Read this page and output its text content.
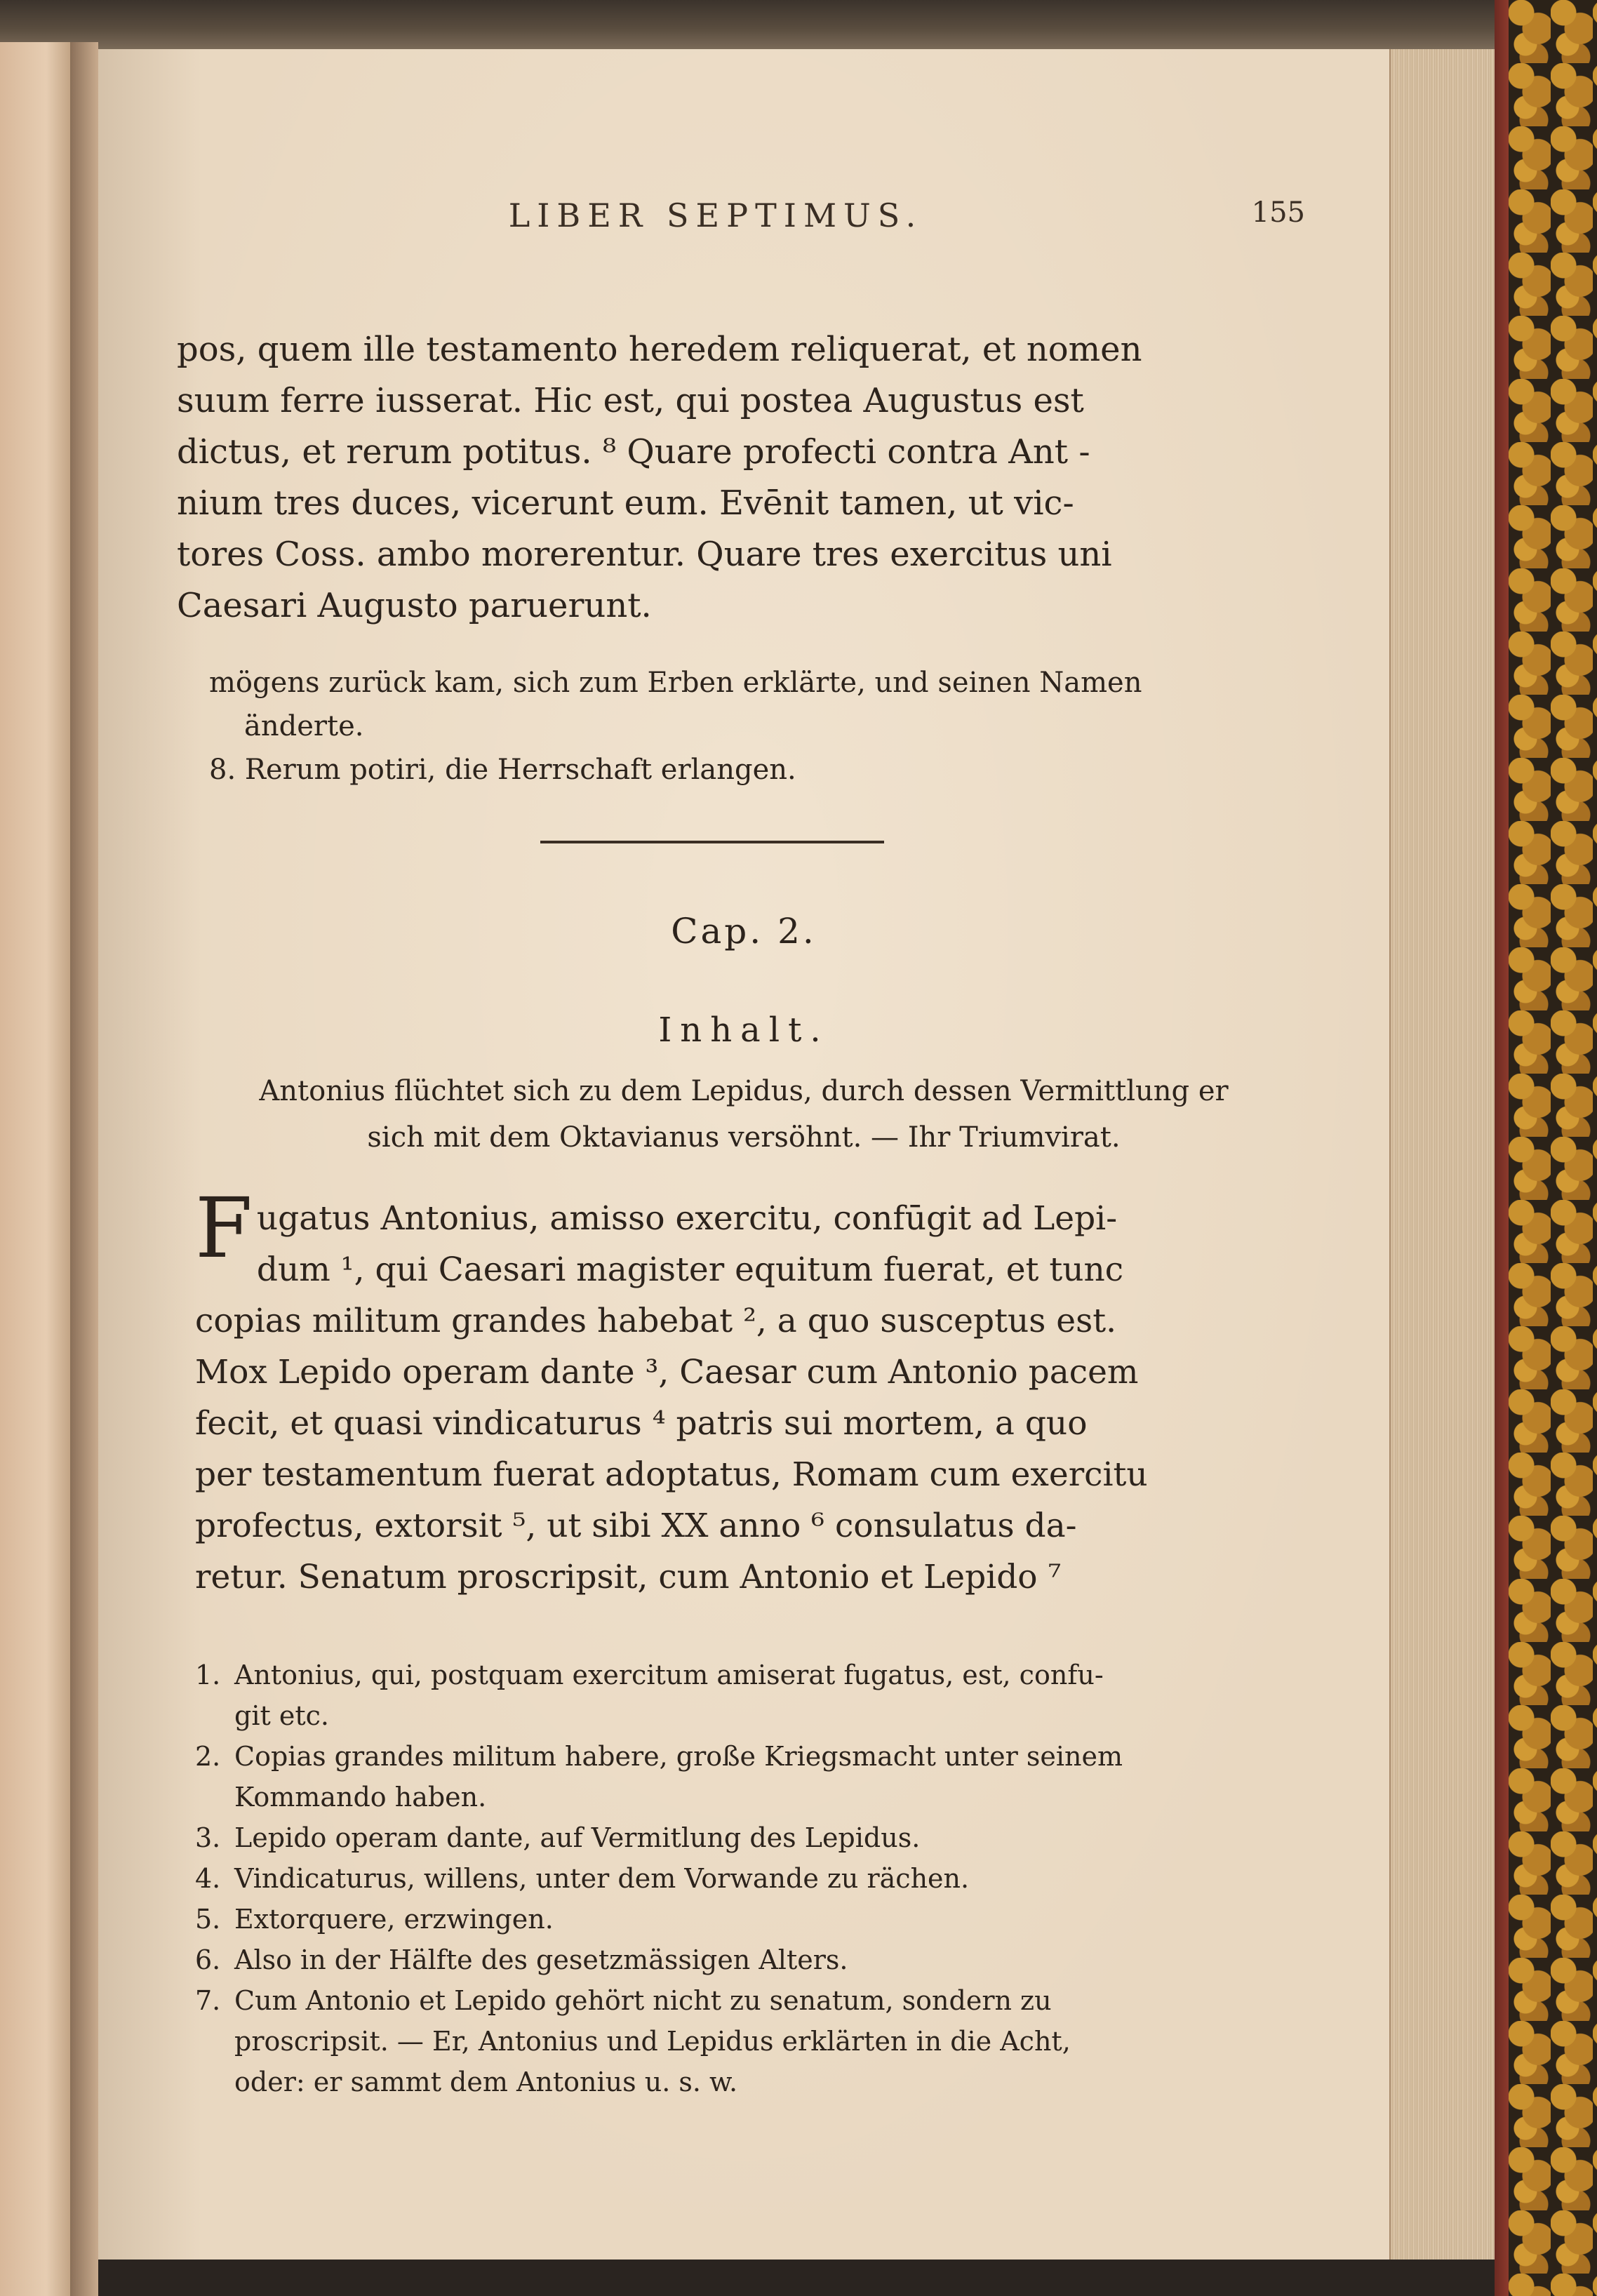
LIBER SEPTIMUS.	155
pos, quem ille testamento heredem reliquerat, et nomen
suum ferre iusserat. Hic est, qui postea Augustus est
dictus, et rerum potitus. ⁸ Quare profecti contra Ant -
nium tres duces, vicerunt eum. Evēnit tamen, ut vic-
tores Coss. ambo morerentur. Quare tres exercitus uni
Caesari Augusto paruerunt.
mögens zurück kam, sich zum Erben erklärte, und seinen Namen
änderte.
8. Rerum potiri, die Herrschaft erlangen.
Cap. 2.
Inhalt.
Antonius flüchtet sich zu dem Lepidus, durch dessen Vermittlung er
sich mit dem Oktavianus versöhnt. — Ihr Triumvirat.
F ugatus Antonius, amisso exercitu, confūgit ad Lepi-
dum ¹, qui Caesari magister equitum fuerat, et tunc
copias militum grandes habebat ², a quo susceptus est.
Mox Lepido operam dante ³, Caesar cum Antonio pacem
fecit, et quasi vindicaturus ⁴ patris sui mortem, a quo
per testamentum fuerat adoptatus, Romam cum exercitu
profectus, extorsit ⁵, ut sibi XX anno ⁶ consulatus da-
retur. Senatum proscripsit, cum Antonio et Lepido ⁷
1. Antonius, qui, postquam exercitum amiserat fugatus, est, confu-
git etc.
2. Copias grandes militum habere, große Kriegsmacht unter seinem
Kommando haben.
3. Lepido operam dante, auf Vermitlung des Lepidus.
4. Vindicaturus, willens, unter dem Vorwande zu rächen.
5. Extorquere, erzwingen.
6. Also in der Hälfte des gesetzmässigen Alters.
7. Cum Antonio et Lepido gehört nicht zu senatum, sondern zu
proscripsit. — Er, Antonius und Lepidus erklärten in die Acht,
oder: er sammt dem Antonius u. s. w.
